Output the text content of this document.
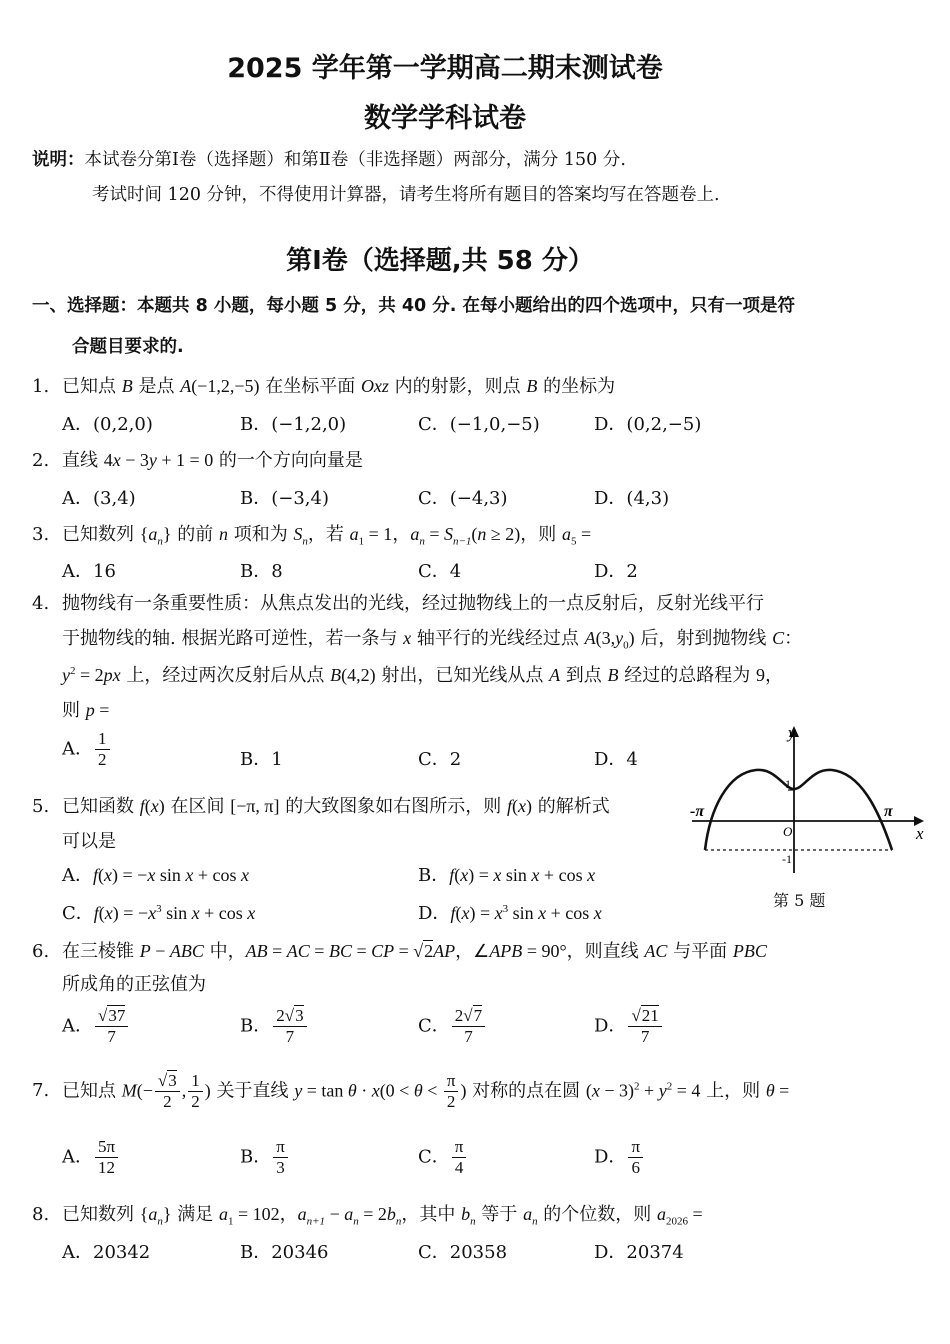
2025 学年第一学期高二期末测试卷
数学学科试卷
说明：本试卷分第Ⅰ卷（选择题）和第Ⅱ卷（非选择题）两部分，满分 150 分.
考试时间 120 分钟，不得使用计算器，请考生将所有题目的答案均写在答题卷上.
第Ⅰ卷（选择题,共 58 分）
一、选择题：本题共 8 小题，每小题 5 分，共 40 分. 在每小题给出的四个选项中，只有一项是符
合题目要求的.
1. 已知点 B 是点 A(−1,2,−5) 在坐标平面 Oxz 内的射影，则点 B 的坐标为
A．(0,2,0)	B．(−1,2,0)	C．(−1,0,−5)	D．(0,2,−5)
2. 直线 4x − 3y + 1 = 0 的一个方向向量是
A．(3,4)	B．(−3,4)	C．(−4,3)	D．(4,3)
3. 已知数列 $\{a_n\}$ 的前 n 项和为 $S_n$，若 $a_1 = 1$，$a_n = S_{n-1}(n \ge 2)$，则 $a_5$ =
A．16	B．8	C．4	D．2
4. 抛物线有一条重要性质：从焦点发出的光线，经过抛物线上的一点反射后，反射光线平行
于抛物线的轴. 根据光路可逆性，若一条与 x 轴平行的光线经过点 $A(3,y_0)$ 后，射到抛物线 C：
$y^2 = 2px$ 上，经过两次反射后从点 B(4,2) 射出，已知光线从点 A 到点 B 经过的总路程为 9，
则 p =
A． $\frac{1}{2}$	B．1	C．2	D．4
5. 已知函数 f(x) 在区间 [−π, π] 的大致图象如右图所示，则 f(x) 的解析式
可以是
A．f(x) = −x sin x + cos x	B．f(x) = x sin x + cos x
C．$f(x) = -x^3$ sin x + cos x	D．$f(x) = x^3$ sin x + cos x
y
x
O
1
-1
-π	π
第 5 题
6. 在三棱锥 P − ABC 中，AB = AC = BC = CP = √2AP，∠APB = 90°，则直线 AC 与平面 PBC
所成角的正弦值为
A． $\frac{√37}{7}$	B． $\frac{2√3}{7}$	C． $\frac{2√7}{7}$	D． $\frac{√21}{7}$
7. 已知点 $M(- \frac{√3}{2}$ , $\frac{1}{2}$ ) 关于直线 $y = \tan \theta \cdot x(0 < \theta < \frac{\pi}{2}$ ) 对称的点在圆 $(x - 3)^2 + y^2 = 4$ 上，则 θ =
A． $\frac{5\pi}{12}$	B． $\frac{\pi}{3}$	C． $\frac{\pi}{4}$	D． $\frac{\pi}{6}$
8. 已知数列 $\{a_n\}$ 满足 $a_1 = 102$，$a_{n+1} - a_n = 2b_n$，其中 $b_n$ 等于 $a_n$ 的个位数，则 $a_{2026}$ =
A．20342	B．20346	C．20358	D．20374
